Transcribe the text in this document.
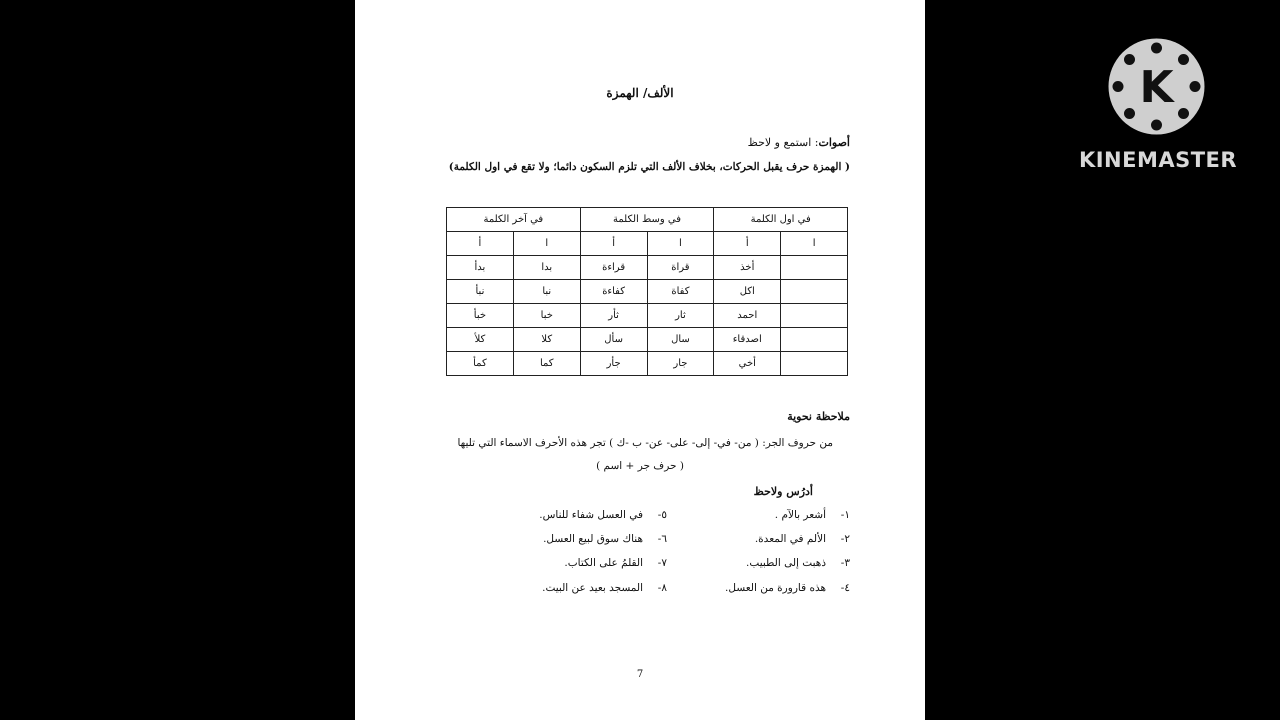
الألف/ الهمزة
أصوات: استمع و لاحظ
( الهمزة حرف يقبل الحركات، بخلاف الألف التي تلزم السكون دائما؛ ولا تقع في اول الكلمة)
في اول الكلمة		في وسط الكلمة		في آخر الكلمة	
ا	أ	ا	أ	ا	أ
	أخذ	قراة	قراءة	بدا	بدأ
	اكل	كفاة	كفاءة	نبا	نبأ
	احمد	ثار	ثأر	خبا	خبأ
	اصدقاء	سال	سأل	كلا	كلأ
	أخي	جار	جأر	كما	كمأ
ملاحظة نحوية
من حروف الجر: ( من- في- إلى- على- عن- ب -ك ) تجر هذه الأحرف الاسماء التي تليها
( حرف جر + اسم )
أدرُس ولاحظ
١-أشعر بالآم .
٢-الألم في المعدة.
٣-ذهبت إلى الطبيب.
٤-هذه قارورة من العسل.
٥-في العسل شفاء للناس.
٦-هناك سوق لبيع العسل.
٧-القلمُ على الكتاب.
٨-المسجد بعيد عن البيت.
7
K
KINEMASTER
